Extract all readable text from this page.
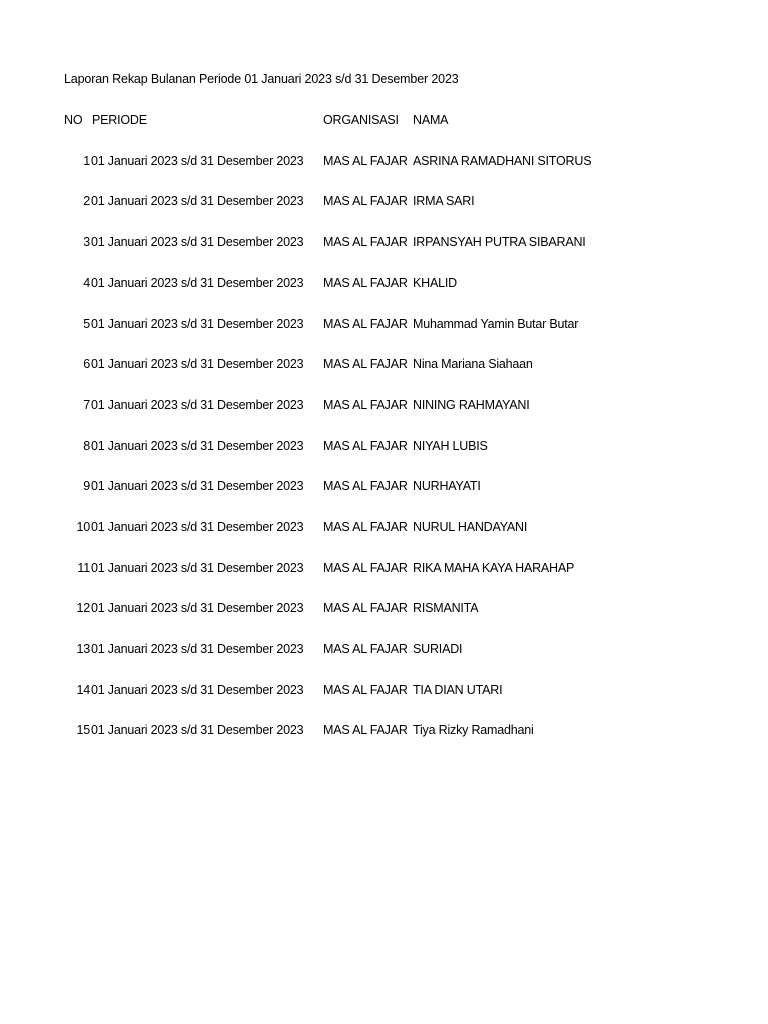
Laporan Rekap Bulanan Periode 01 Januari 2023 s/d 31 Desember 2023
NO PERIODE	ORGANISASI NAMA
1 01 Januari 2023 s/d 31 Desember 2023 MAS AL FAJAR ASRINA RAMADHANI SITORUS
2 01 Januari 2023 s/d 31 Desember 2023 MAS AL FAJAR IRMA SARI
3 01 Januari 2023 s/d 31 Desember 2023 MAS AL FAJAR IRPANSYAH PUTRA SIBARANI
4 01 Januari 2023 s/d 31 Desember 2023 MAS AL FAJAR KHALID
5 01 Januari 2023 s/d 31 Desember 2023 MAS AL FAJAR Muhammad Yamin Butar Butar
6 01 Januari 2023 s/d 31 Desember 2023 MAS AL FAJAR Nina Mariana Siahaan
7 01 Januari 2023 s/d 31 Desember 2023 MAS AL FAJAR NINING RAHMAYANI
8 01 Januari 2023 s/d 31 Desember 2023 MAS AL FAJAR NIYAH LUBIS
9 01 Januari 2023 s/d 31 Desember 2023 MAS AL FAJAR NURHAYATI
10 01 Januari 2023 s/d 31 Desember 2023 MAS AL FAJAR NURUL HANDAYANI
11 01 Januari 2023 s/d 31 Desember 2023 MAS AL FAJAR RIKA MAHA KAYA HARAHAP
12 01 Januari 2023 s/d 31 Desember 2023 MAS AL FAJAR RISMANITA
13 01 Januari 2023 s/d 31 Desember 2023 MAS AL FAJAR SURIADI
14 01 Januari 2023 s/d 31 Desember 2023 MAS AL FAJAR TIA DIAN UTARI
15 01 Januari 2023 s/d 31 Desember 2023 MAS AL FAJAR Tiya Rizky Ramadhani
